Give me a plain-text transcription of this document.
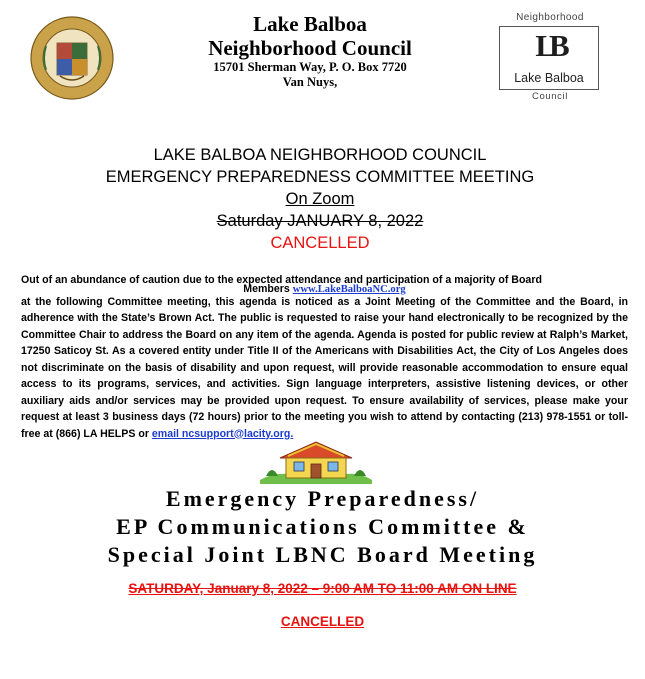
Lake Balboa
Neighborhood Council
15701 Sherman Way, P. O. Box 7720
Van Nuys,
Neighborhood
LB
Lake Balboa
Council
LAKE BALBOA NEIGHBORHOOD COUNCIL
EMERGENCY PREPAREDNESS COMMITTEE MEETING
On Zoom
Saturday JANUARY 8, 2022
CANCELLED
Out of an abundance of caution due to the expected attendance and participation of a majority of Board
Members www.LakeBalboaNC.org
at the following Committee meeting, this agenda is noticed as a Joint Meeting of the Committee and the Board, in adherence with the State’s Brown Act. The public is requested to raise your hand electronically to be recognized by the Committee Chair to address the Board on any item of the agenda. Agenda is posted for public review at Ralph’s Market, 17250 Saticoy St. As a covered entity under Title II of the Americans with Disabilities Act, the City of Los Angeles does not discriminate on the basis of disability and upon request, will provide reasonable accommodation to ensure equal access to its programs, services, and activities. Sign language interpreters, assistive listening devices, or other auxiliary aids and/or services may be provided upon request. To ensure availability of services, please make your request at least 3 business days (72 hours) prior to the meeting you wish to attend by contacting (213) 978-1551 or toll-free at (866) LA HELPS or email ncsupport@lacity.org.
Emergency Preparedness/
EP Communications Committee &
Special Joint LBNC Board Meeting
SATURDAY, January 8, 2022 – 9:00 AM TO 11:00 AM ON LINE
CANCELLED
